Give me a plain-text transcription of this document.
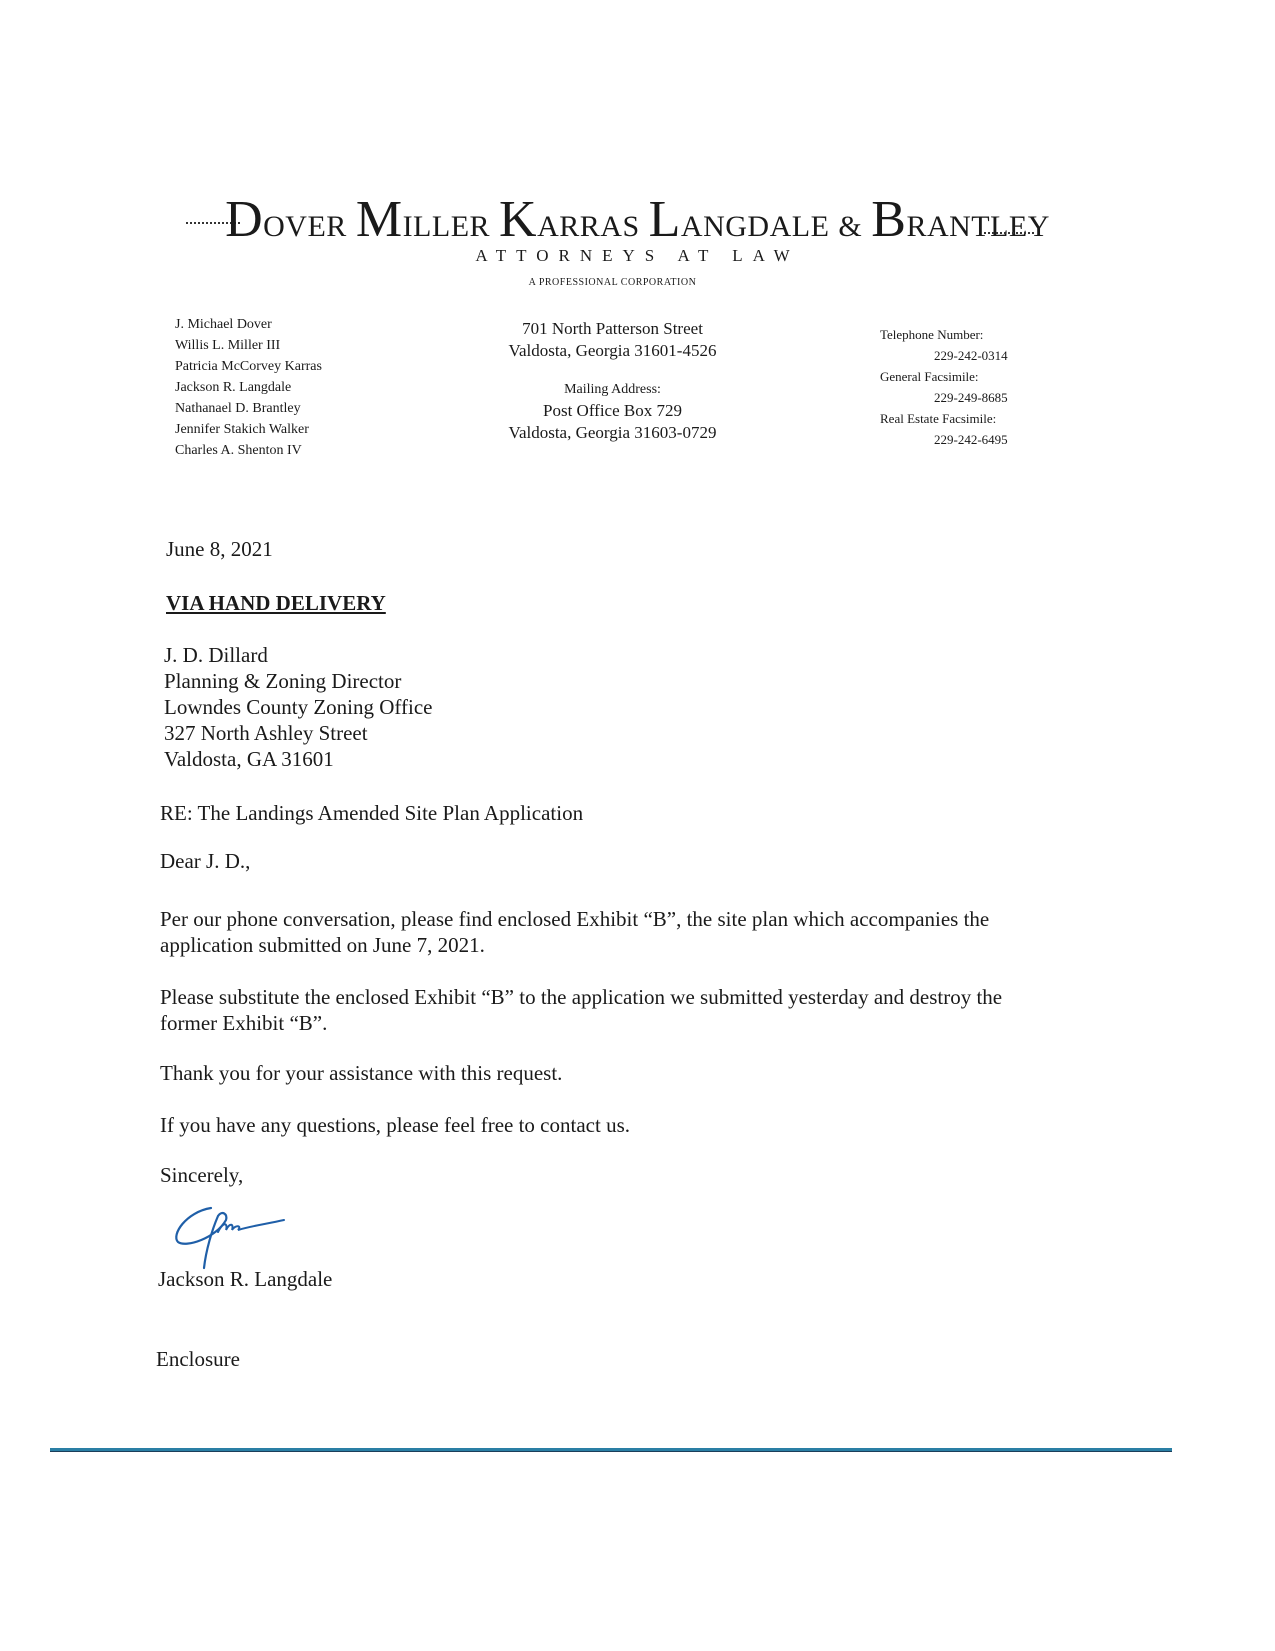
DOVER MILLER KARRAS LANGDALE & BRANTLEY
ATTORNEYS AT LAW
A PROFESSIONAL CORPORATION
J. Michael Dover
Willis L. Miller III
Patricia McCorvey Karras
Jackson R. Langdale
Nathanael D. Brantley
Jennifer Stakich Walker
Charles A. Shenton IV
701 North Patterson Street
Valdosta, Georgia 31601-4526
Mailing Address:
Post Office Box 729
Valdosta, Georgia 31603-0729
Telephone Number:
229-242-0314
General Facsimile:
229-249-8685
Real Estate Facsimile:
229-242-6495
June 8, 2021
VIA HAND DELIVERY
J. D. Dillard
Planning & Zoning Director
Lowndes County Zoning Office
327 North Ashley Street
Valdosta, GA 31601
RE: The Landings Amended Site Plan Application
Dear J. D.,
Per our phone conversation, please find enclosed Exhibit “B”, the site plan which accompanies the application submitted on June 7, 2021.
Please substitute the enclosed Exhibit “B” to the application we submitted yesterday and destroy the former Exhibit “B”.
Thank you for your assistance with this request.
If you have any questions, please feel free to contact us.
Sincerely,
Jackson R. Langdale
Enclosure
